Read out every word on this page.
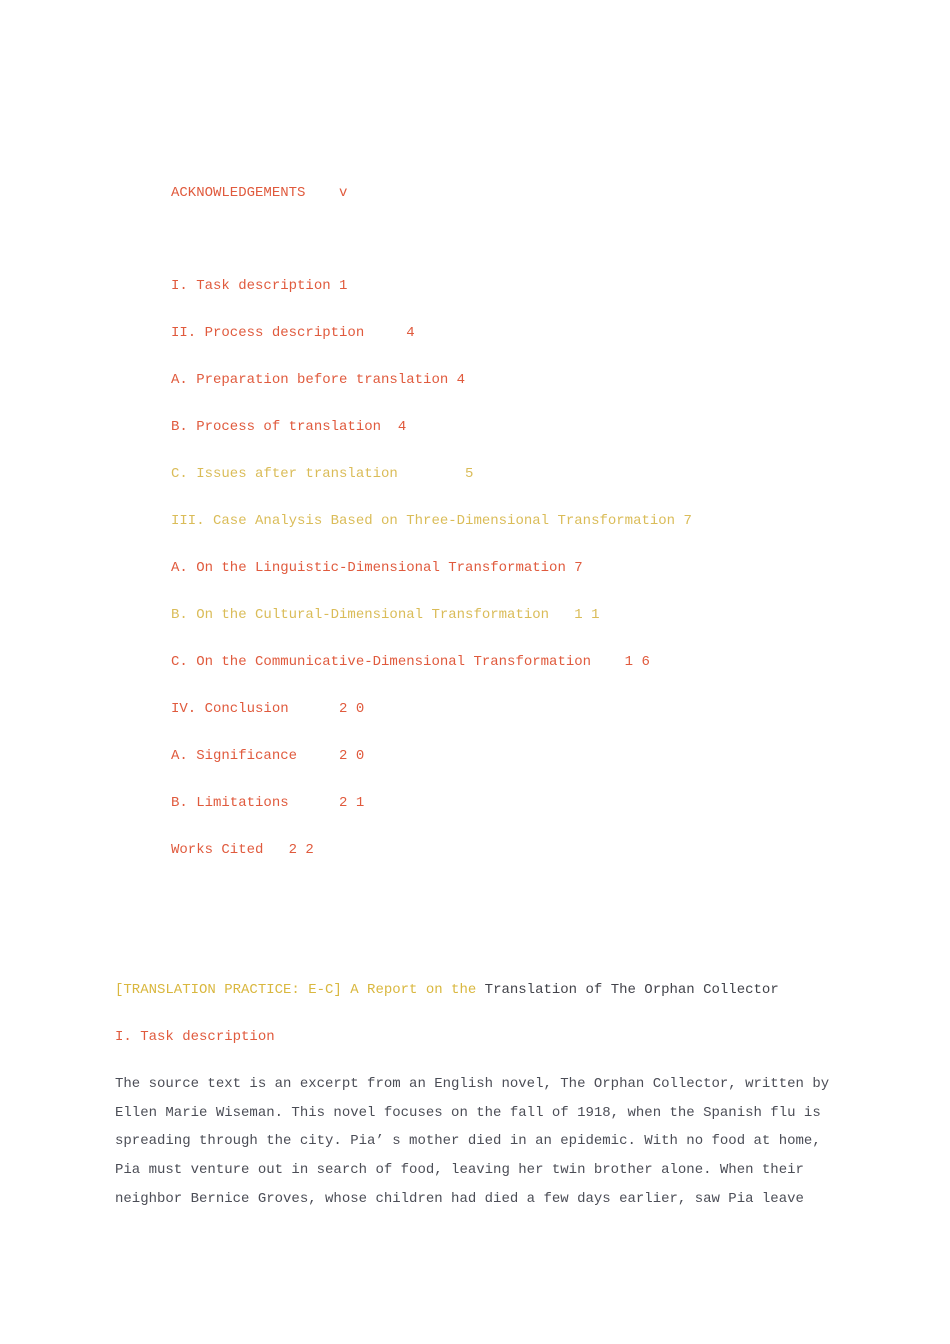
ACKNOWLEDGEMENTS    v
I. Task description 1
II. Process description     4
A. Preparation before translation 4
B. Process of translation  4
C. Issues after translation        5
III. Case Analysis Based on Three-Dimensional Transformation 7
A. On the Linguistic-Dimensional Transformation 7
B. On the Cultural-Dimensional Transformation   1 1
C. On the Communicative-Dimensional Transformation    1 6
IV. Conclusion      2 0
A. Significance     2 0
B. Limitations      2 1
Works Cited   2 2
[TRANSLATION PRACTICE: E-C] A Report on the Translation of The Orphan Collector
I. Task description
The source text is an excerpt from an English novel, The Orphan Collector, written by
Ellen Marie Wiseman. This novel focuses on the fall of 1918, when the Spanish flu is
spreading through the city. Pia’ s mother died in an epidemic. With no food at home,
Pia must venture out in search of food, leaving her twin brother alone. When their
neighbor Bernice Groves, whose children had died a few days earlier, saw Pia leave
